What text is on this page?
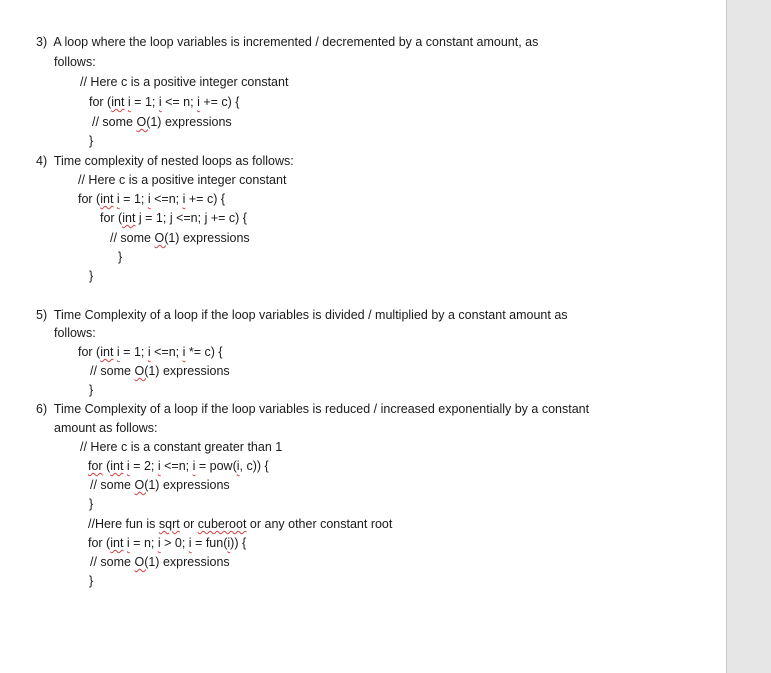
3)  A loop where the loop variables is incremented / decremented by a constant amount, as
follows:
// Here c is a positive integer constant
for (int i = 1; i <= n; i += c) {
// some O(1) expressions
}
4)  Time complexity of nested loops as follows:
// Here c is a positive integer constant
for (int i = 1; i <=n; i += c) {
for (int j = 1; j <=n; j += c) {
// some O(1) expressions
}
}
5)  Time Complexity of a loop if the loop variables is divided / multiplied by a constant amount as
follows:
for (int i = 1; i <=n; i *= c) {
// some O(1) expressions
}
6)  Time Complexity of a loop if the loop variables is reduced / increased exponentially by a constant
amount as follows:
// Here c is a constant greater than 1
for (int i = 2; i <=n; i = pow(i, c)) {
// some O(1) expressions
}
//Here fun is sqrt or cuberoot or any other constant root
for (int i = n; i > 0; i = fun(i)) {
// some O(1) expressions
}
